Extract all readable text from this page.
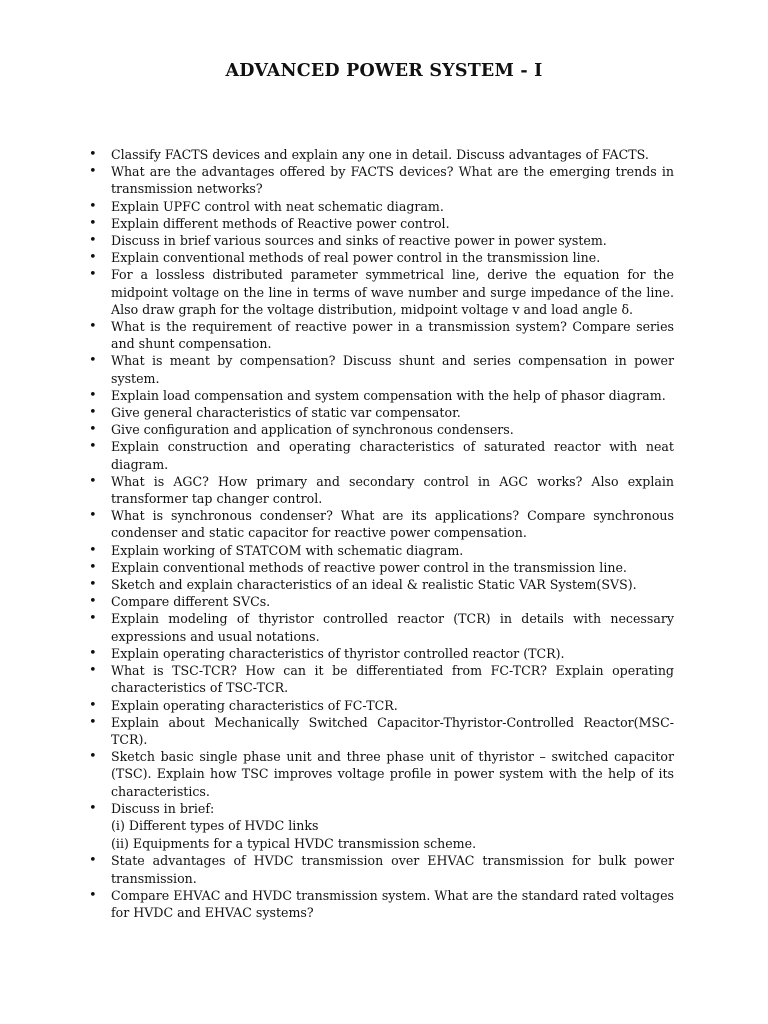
ADVANCED POWER SYSTEM - I
• Classify FACTS devices and explain any one in detail. Discuss advantages of FACTS.
• What are the advantages offered by FACTS devices? What are the emerging trends in transmission networks?
• Explain UPFC control with neat schematic diagram.
• Explain different methods of Reactive power control.
• Discuss in brief various sources and sinks of reactive power in power system.
• Explain conventional methods of real power control in the transmission line.
• For a lossless distributed parameter symmetrical line, derive the equation for the midpoint voltage on the line in terms of wave number and surge impedance of the line. Also draw graph for the voltage distribution, midpoint voltage v and load angle δ.
• What is the requirement of reactive power in a transmission system? Compare series and shunt compensation.
• What is meant by compensation? Discuss shunt and series compensation in power system.
• Explain load compensation and system compensation with the help of phasor diagram.
• Give general characteristics of static var compensator.
• Give configuration and application of synchronous condensers.
• Explain construction and operating characteristics of saturated reactor with neat diagram.
• What is AGC? How primary and secondary control in AGC works? Also explain transformer tap changer control.
• What is synchronous condenser? What are its applications? Compare synchronous condenser and static capacitor for reactive power compensation.
• Explain working of STATCOM with schematic diagram.
• Explain conventional methods of reactive power control in the transmission line.
• Sketch and explain characteristics of an ideal & realistic Static VAR System(SVS).
• Compare different SVCs.
• Explain modeling of thyristor controlled reactor (TCR) in details with necessary expressions and usual notations.
• Explain operating characteristics of thyristor controlled reactor (TCR).
• What is TSC-TCR? How can it be differentiated from FC-TCR? Explain operating characteristics of TSC-TCR.
• Explain operating characteristics of FC-TCR.
• Explain about Mechanically Switched Capacitor-Thyristor-Controlled Reactor(MSC-TCR).
• Sketch basic single phase unit and three phase unit of thyristor – switched capacitor (TSC). Explain how TSC improves voltage profile in power system with the help of its characteristics.
• Discuss in brief:
(i) Different types of HVDC links
(ii) Equipments for a typical HVDC transmission scheme.
• State advantages of HVDC transmission over EHVAC transmission for bulk power transmission.
• Compare EHVAC and HVDC transmission system. What are the standard rated voltages for HVDC and EHVAC systems?
